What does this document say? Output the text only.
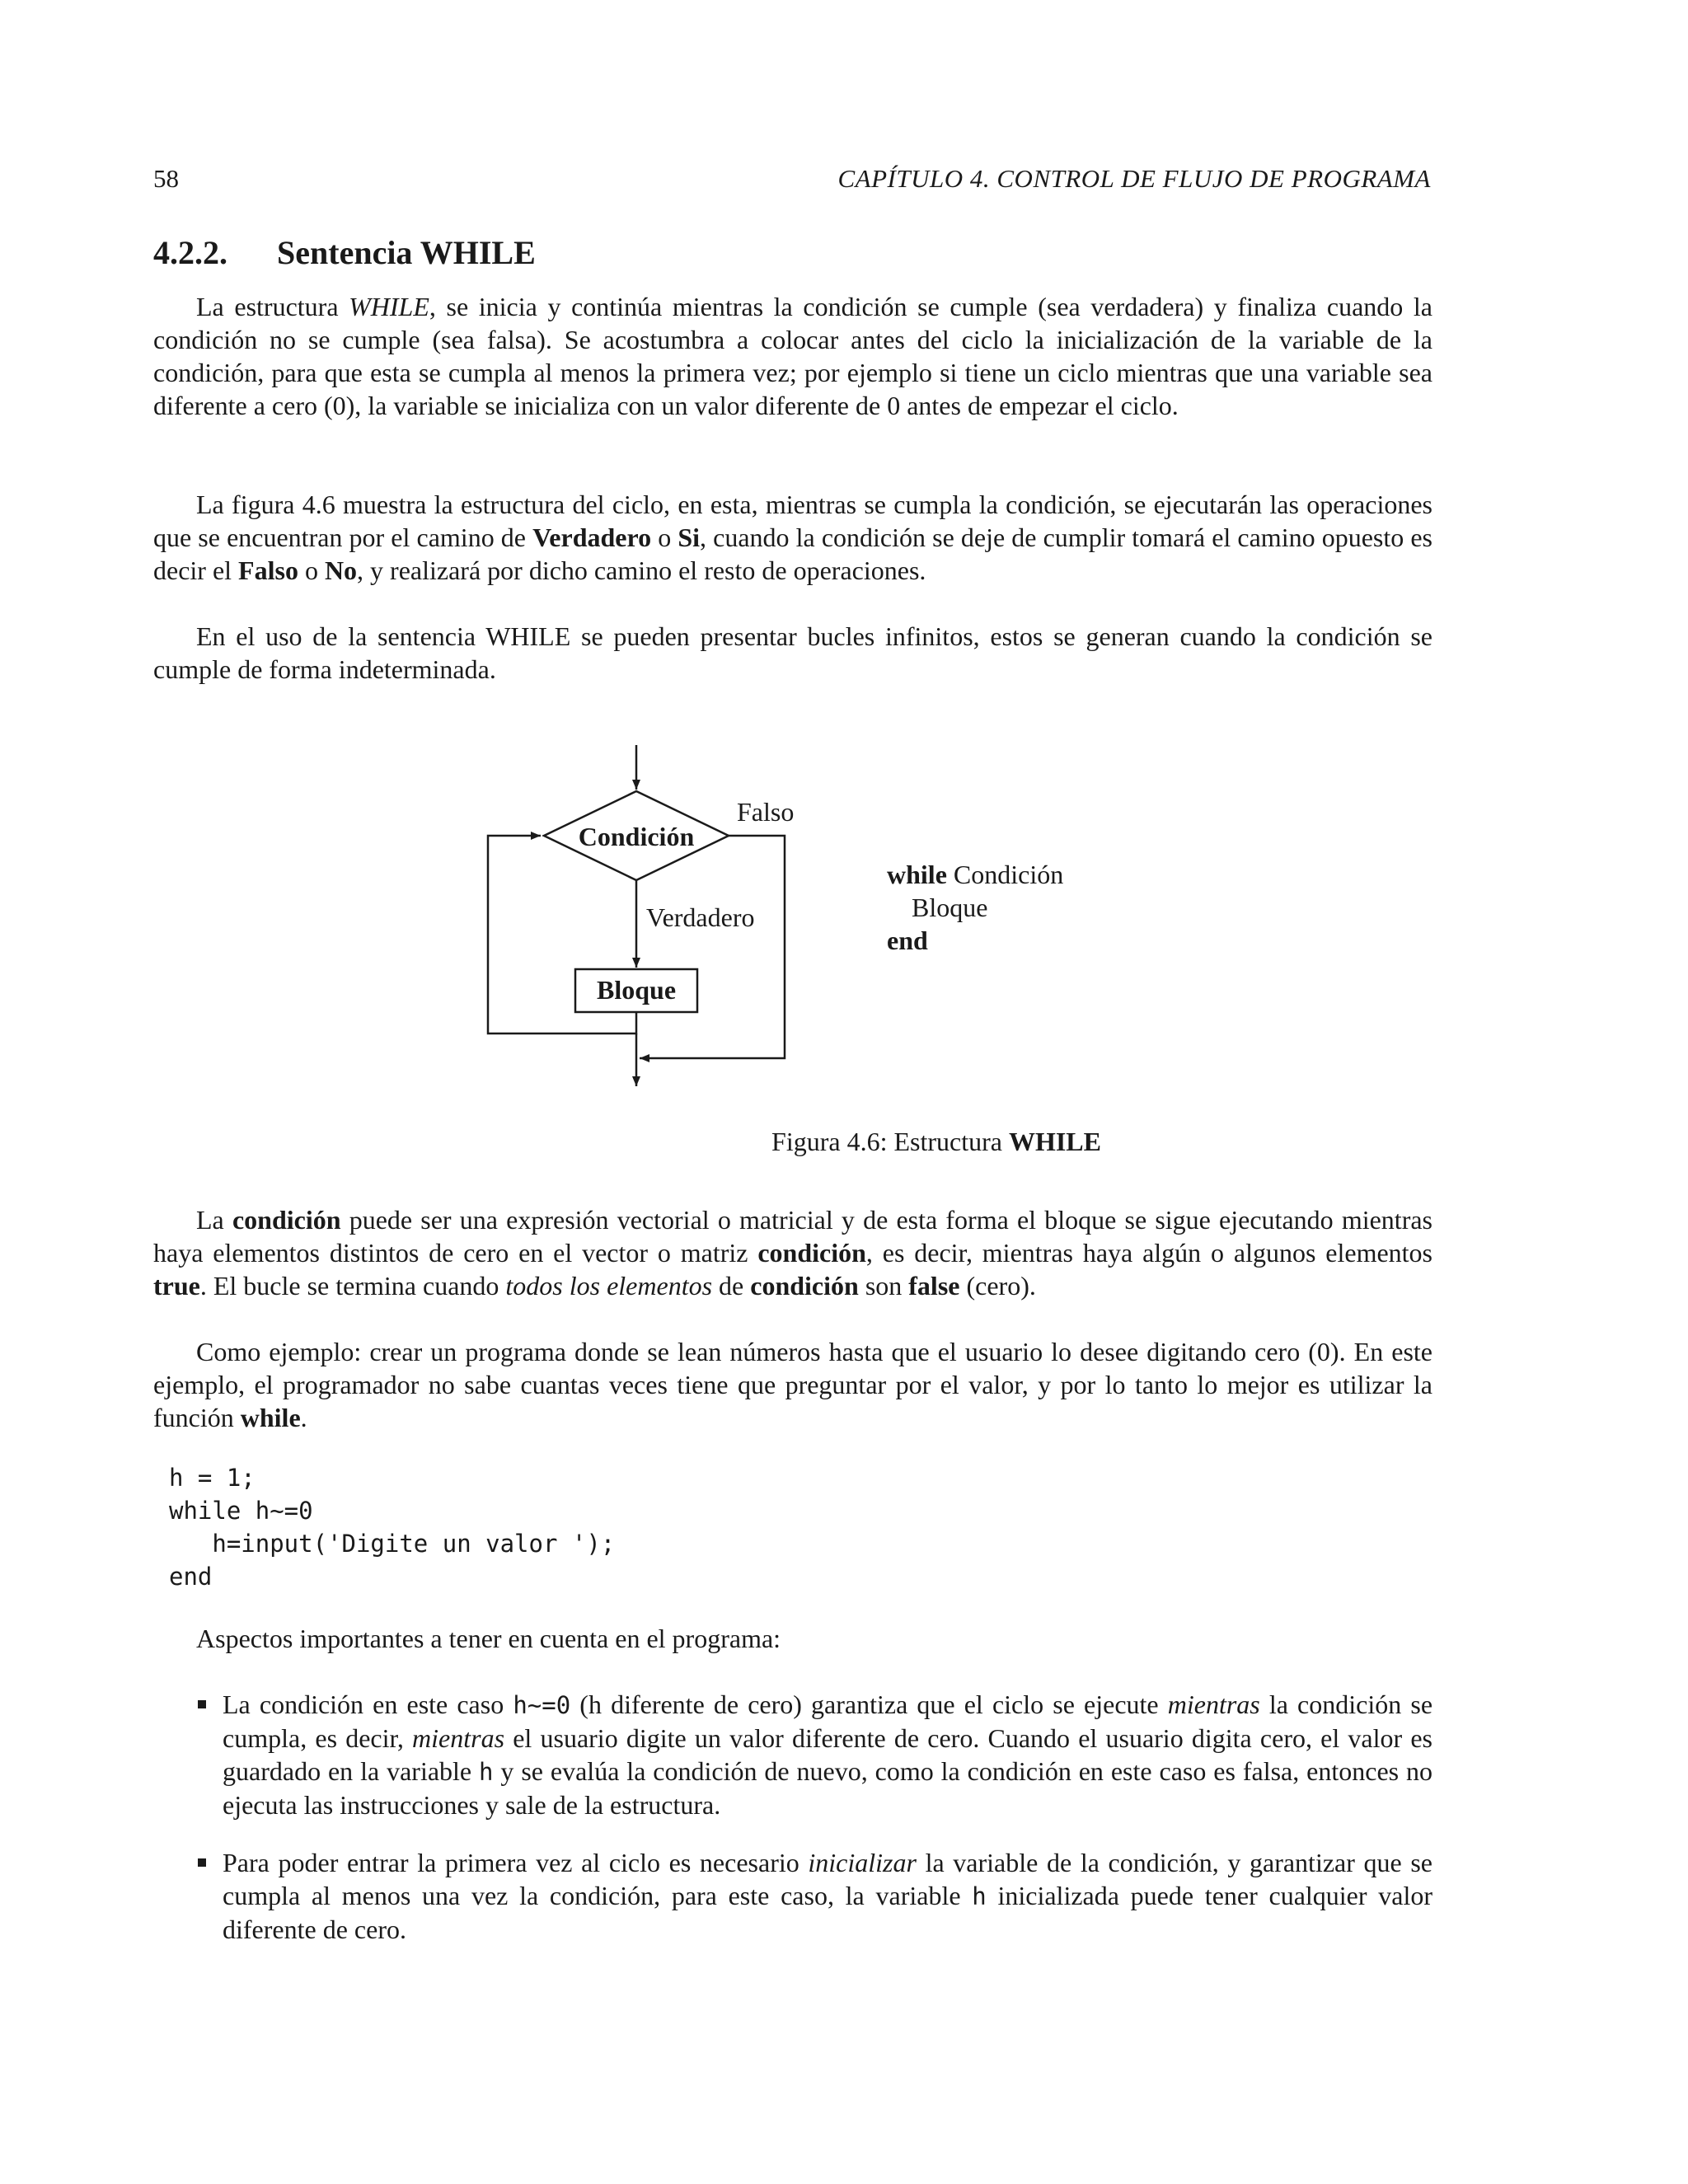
58	CAPÍTULO 4. CONTROL DE FLUJO DE PROGRAMA
4.2.2. Sentencia WHILE

La estructura WHILE, se inicia y continúa mientras la condición se cumple (sea verdadera) y finaliza cuando la condición no se cumple (sea falsa). Se acostumbra a colocar antes del ciclo la inicialización de la variable de la condición, para que esta se cumpla al menos la primera vez; por ejemplo si tiene un ciclo mientras que una variable sea diferente a cero (0), la variable se inicializa con un valor diferente de 0 antes de empezar el ciclo.

La figura 4.6 muestra la estructura del ciclo, en esta, mientras se cumpla la condición, se ejecutarán las operaciones que se encuentran por el camino de Verdadero o Si, cuando la condición se deje de cumplir tomará el camino opuesto es decir el Falso o No, y realizará por dicho camino el resto de operaciones.

En el uso de la sentencia WHILE se pueden presentar bucles infinitos, estos se generan cuando la condición se cumple de forma indeterminada.

Condición
Falso
Verdadero
Bloque
while Condición
Bloque
end
Figura 4.6: Estructura WHILE

La condición puede ser una expresión vectorial o matricial y de esta forma el bloque se sigue ejecutando mientras haya elementos distintos de cero en el vector o matriz condición, es decir, mientras haya algún o algunos elementos true. El bucle se termina cuando todos los elementos de condición son false (cero).

Como ejemplo: crear un programa donde se lean números hasta que el usuario lo desee digitando cero (0). En este ejemplo, el programador no sabe cuantas veces tiene que preguntar por el valor, y por lo tanto lo mejor es utilizar la función while.

h = 1;
while h~=0
h=input('Digite un valor ');
end
Aspectos importantes a tener en cuenta en el programa:

La condición en este caso h~=0 (h diferente de cero) garantiza que el ciclo se ejecute mientras la condición se cumpla, es decir, mientras el usuario digite un valor diferente de cero. Cuando el usuario digita cero, el valor es guardado en la variable h y se evalúa la condición de nuevo, como la condición en este caso es falsa, entonces no ejecuta las instrucciones y sale de la estructura.

Para poder entrar la primera vez al ciclo es necesario inicializar la variable de la condición, y garantizar que se cumpla al menos una vez la condición, para este caso, la variable h inicializada puede tener cualquier valor diferente de cero.
